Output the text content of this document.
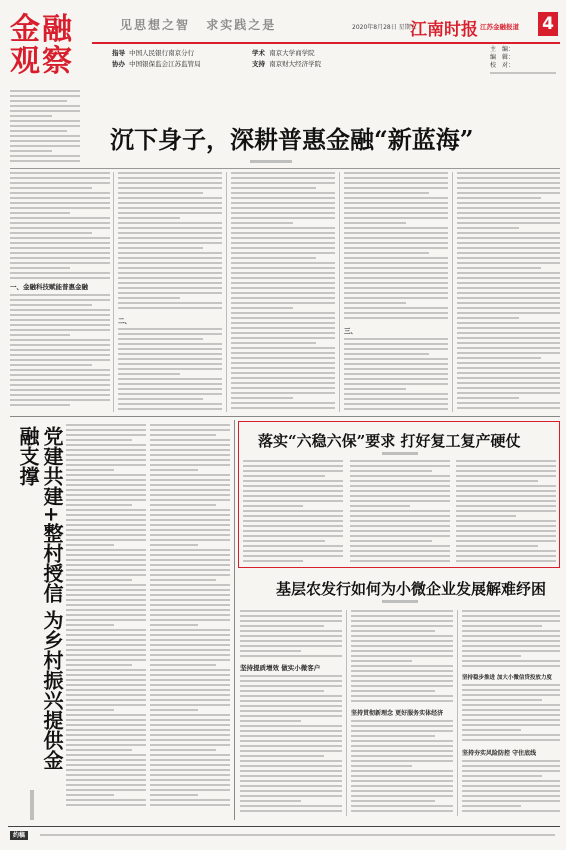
金融观察
见思想之智 求实践之是	2020年8月28日 星期五
江南时报 江苏金融报道 4
指导 中国人民银行南京分行
协办 中国银保监会江苏监管局
学术 南京大学商学院
支持 南京财大经济学院
主　编：
编　辑：
校　对：
沉下身子，深耕普惠金融“新蓝海”
一、金融科技赋能普惠金融
二、
三、
党建共建+整村授信 为乡村振兴提供金融支撑	落实“六稳六保”要求 打好复工复产硬仗
基层农发行如何为小微企业发展解难纾困
坚持提质增效 做实小微客户
坚持贯彻新理念 更好服务实体经济
坚持稳步推进 加大小微信贷投放力度
坚持夯实风险防控 守住底线
约稿
